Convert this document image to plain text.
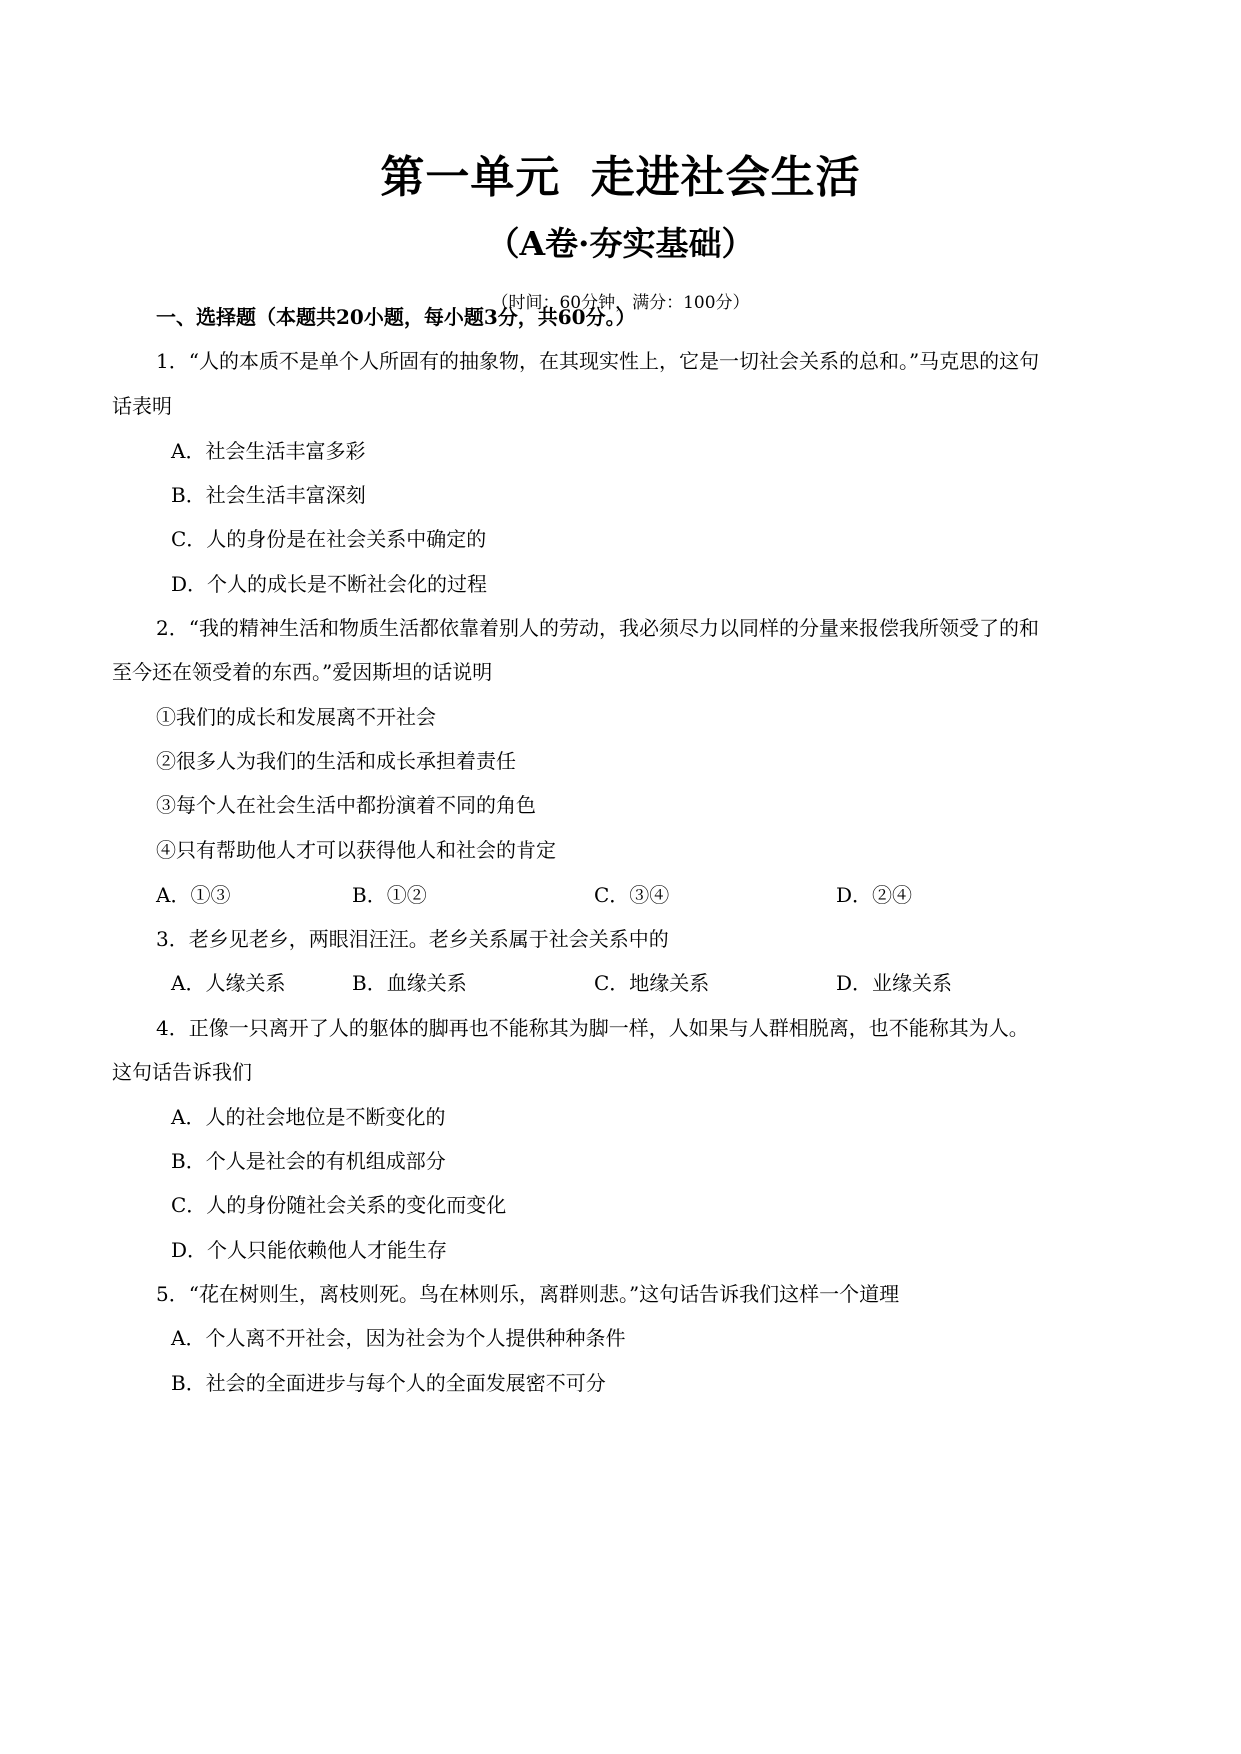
第一单元 走进社会生活
（A卷·夯实基础）
（时间：60分钟，满分：100分）
一、选择题（本题共20小题，每小题3分，共60分。）
1．“人的本质不是单个人所固有的抽象物，在其现实性上，它是一切社会关系的总和。”马克思的这句
话表明
A．社会生活丰富多彩
B．社会生活丰富深刻
C．人的身份是在社会关系中确定的
D．个人的成长是不断社会化的过程
2．“我的精神生活和物质生活都依靠着别人的劳动，我必须尽力以同样的分量来报偿我所领受了的和
至今还在领受着的东西。”爱因斯坦的话说明
①我们的成长和发展离不开社会
②很多人为我们的生活和成长承担着责任
③每个人在社会生活中都扮演着不同的角色
④只有帮助他人才可以获得他人和社会的肯定
A．①③	B．①②	C．③④	D．②④
3．老乡见老乡，两眼泪汪汪。老乡关系属于社会关系中的
A．人缘关系	B．血缘关系	C．地缘关系	D．业缘关系
4．正像一只离开了人的躯体的脚再也不能称其为脚一样，人如果与人群相脱离，也不能称其为人。
这句话告诉我们
A．人的社会地位是不断变化的
B．个人是社会的有机组成部分
C．人的身份随社会关系的变化而变化
D．个人只能依赖他人才能生存
5．“花在树则生，离枝则死。鸟在林则乐，离群则悲。”这句话告诉我们这样一个道理
A．个人离不开社会，因为社会为个人提供种种条件
B．社会的全面进步与每个人的全面发展密不可分
